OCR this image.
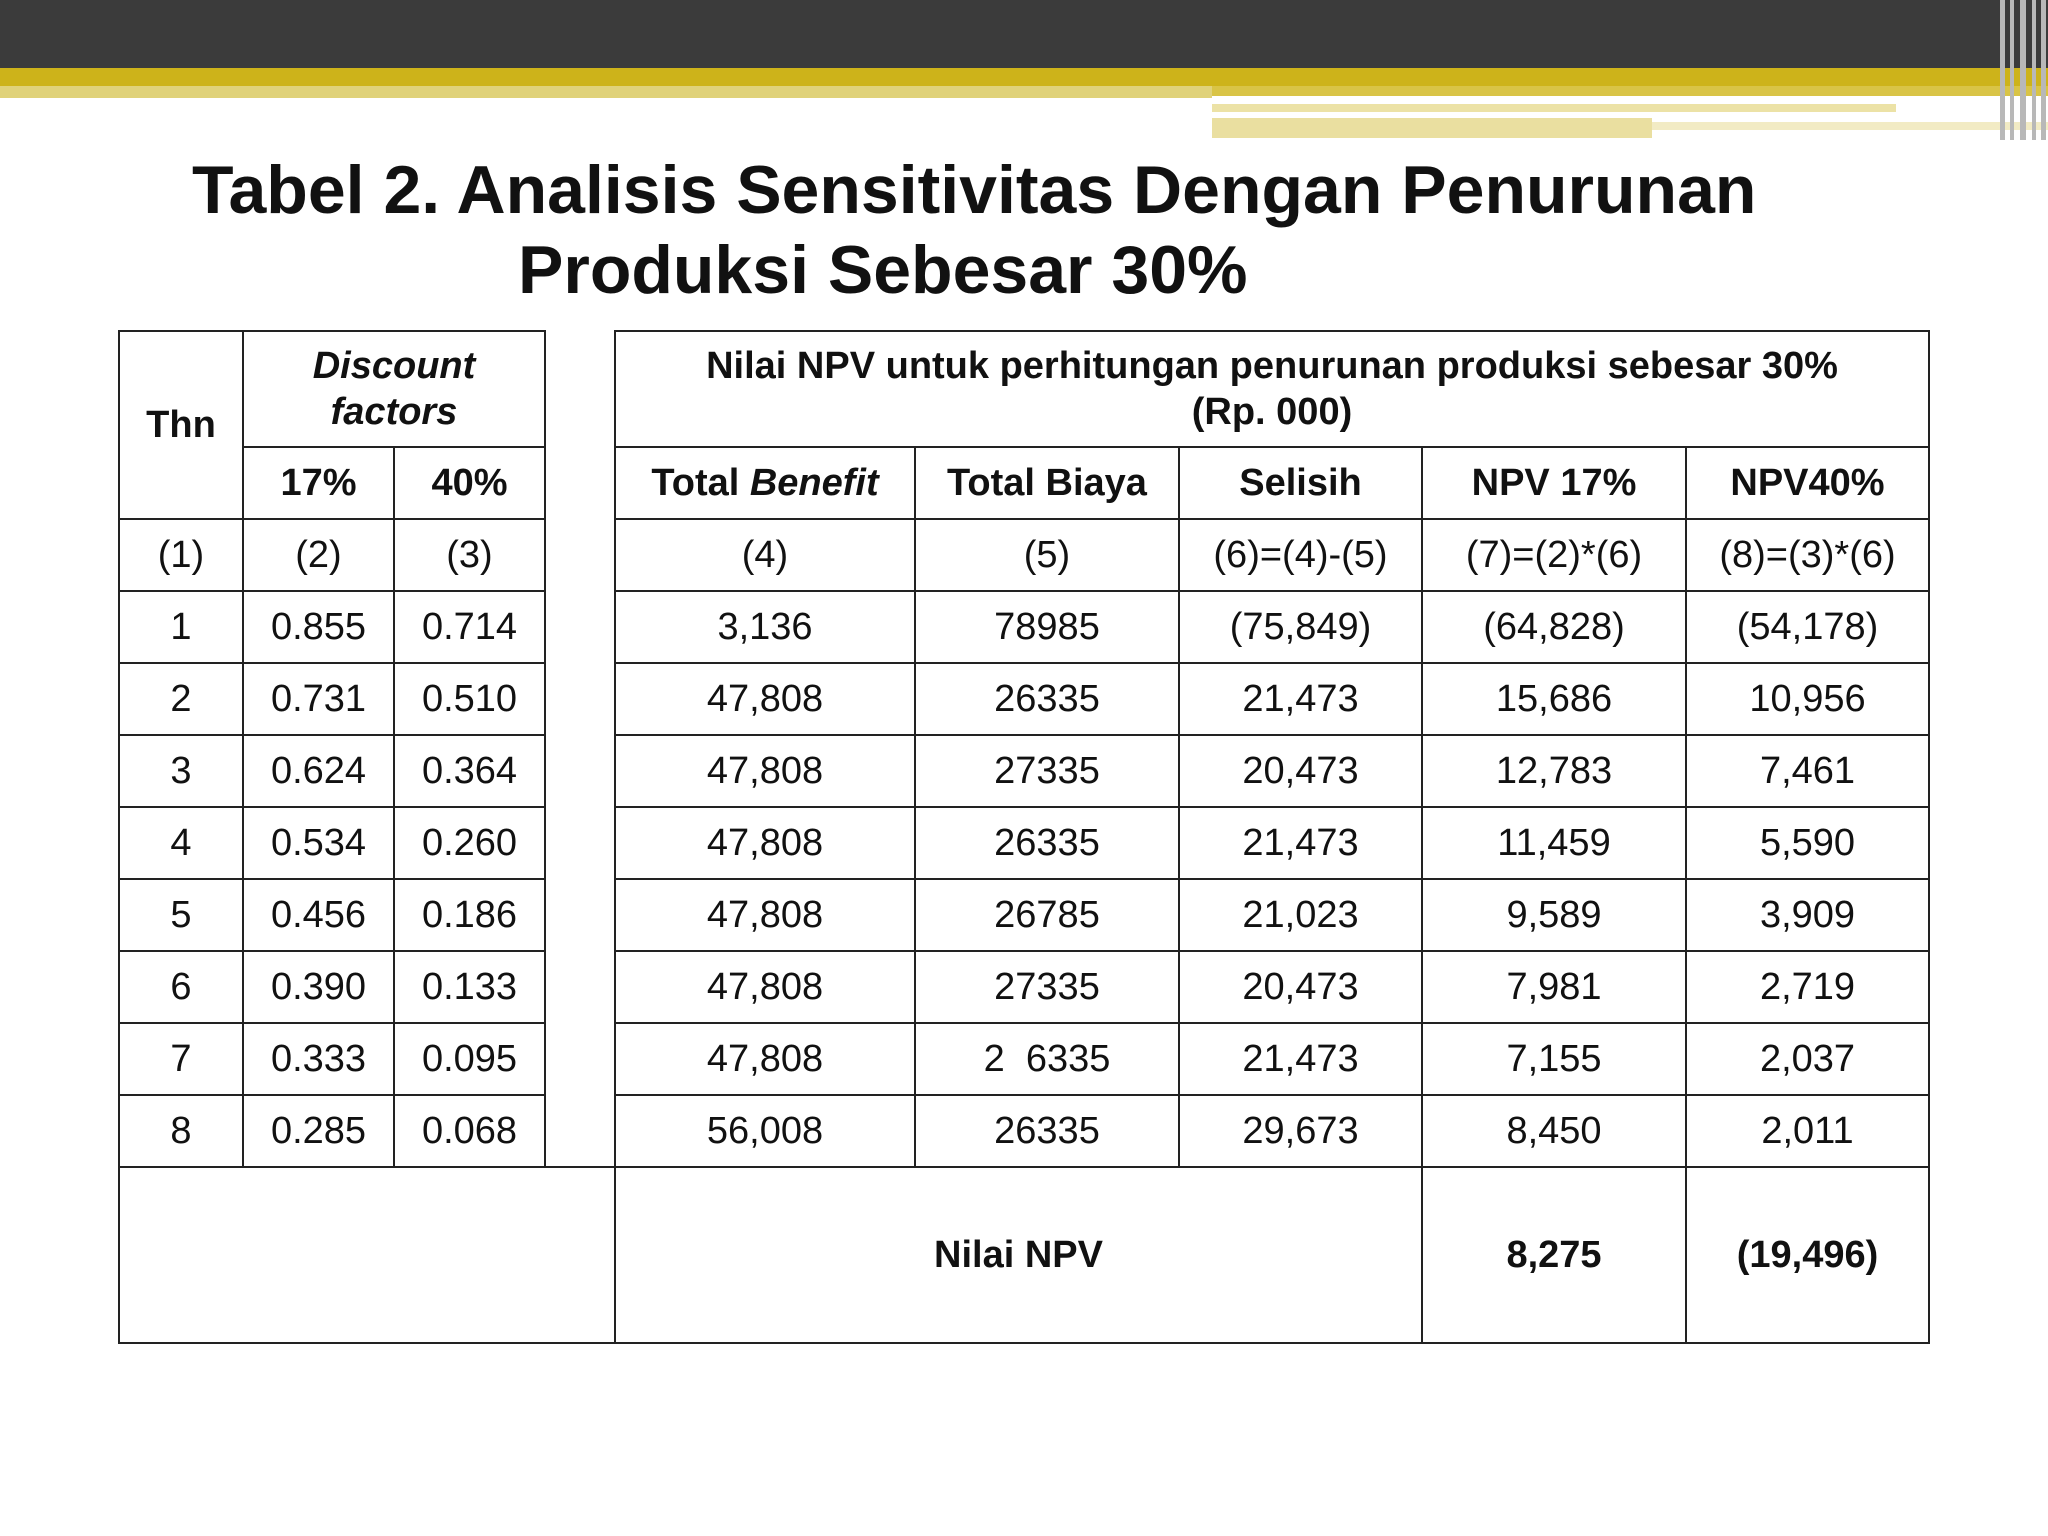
Tabel 2. Analisis Sensitivitas Dengan Penurunan
Produksi Sebesar 30%
Thn	Discount factors			Nilai NPV untuk perhitungan penurunan produksi sebesar 30%
(Rp. 000)				

	17%	40%		Total Benefit	Total Biaya	Selisih	NPV 17%	NPV40%
(1)	(2)	(3)		(4)	(5)	(6)=(4)-(5)	(7)=(2)*(6)	(8)=(3)*(6)
1	0.855	0.714		3,136	78985	(75,849)	(64,828)	(54,178)
2	0.731	0.510		47,808	26335	21,473	15,686	10,956
3	0.624	0.364		47,808	27335	20,473	12,783	7,461
4	0.534	0.260		47,808	26335	21,473	11,459	5,590
5	0.456	0.186		47,808	26785	21,023	9,589	3,909
6	0.390	0.133		47,808	27335	20,473	7,981	2,719
7	0.333	0.095		47,808	2  6335	21,473	7,155	2,037
8	0.285	0.068		56,008	26335	29,673	8,450	2,011
				Nilai NPV			8,275	(19,496)
